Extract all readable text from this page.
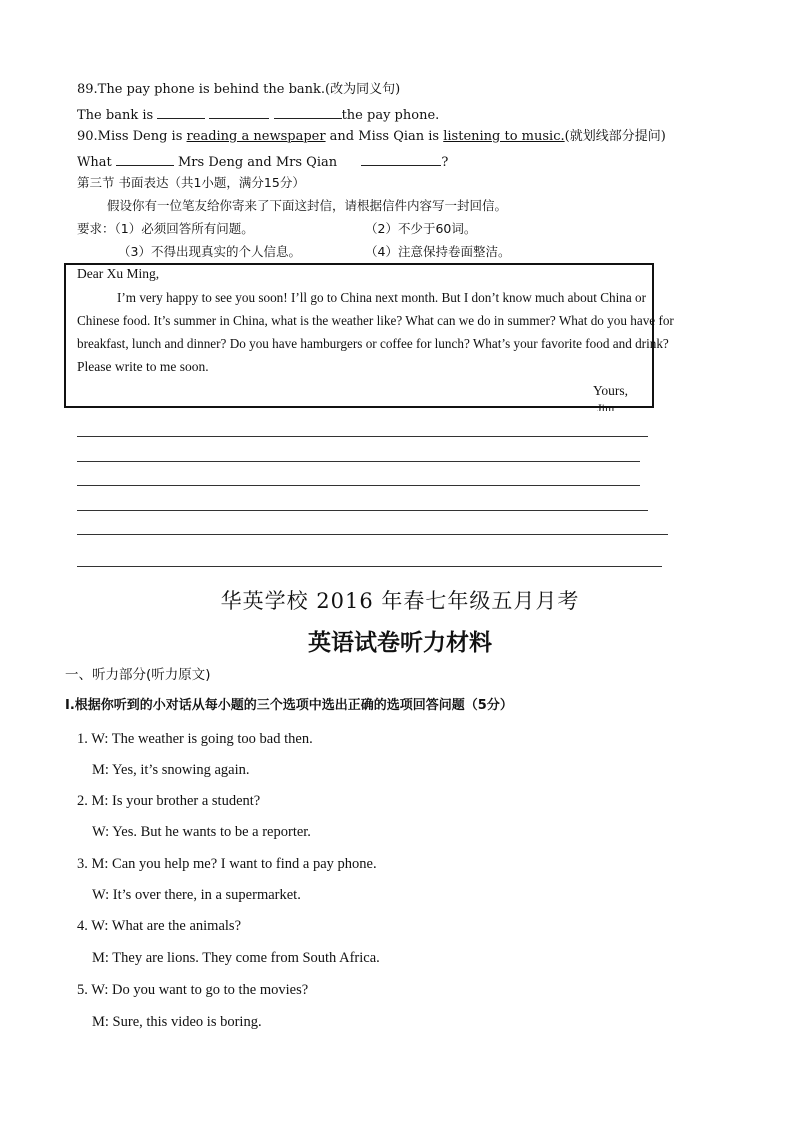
89.The pay phone is behind the bank.(改为同义句)
The bank is	the pay phone.
90.Miss Deng is reading a newspaper and Miss Qian is listening to music.(就划线部分提问)
What	Mrs Deng and Mrs Qian	?
第三节 书面表达（共1小题，满分15分）
假设你有一位笔友给你寄来了下面这封信，请根据信件内容写一封回信。
要求：（1）必须回答所有问题。	（2）不少于60词。
（3）不得出现真实的个人信息。	（4）注意保持卷面整洁。
Dear Xu Ming,
I’m very happy to see you soon! I’ll go to China next month. But I don’t know much about China or
Chinese food. It’s summer in China, what is the weather like? What can we do in summer? What do you have for
breakfast, lunch and dinner? Do you have hamburgers or coffee for lunch? What’s your favorite food and drink?
Please write to me soon.
Yours,
Jim
华英学校 2016 年春七年级五月月考
英语试卷听力材料
一、听力部分(听力原文)
Ⅰ.根据你听到的小对话从每小题的三个选项中选出正确的选项回答问题（5分）
1. W: The weather is going too bad then.
M: Yes, it’s snowing again.
2. M: Is your brother a student?
W: Yes. But he wants to be a reporter.
3. M: Can you help me? I want to find a pay phone.
W: It’s over there, in a supermarket.
4. W: What are the animals?
M: They are lions. They come from South Africa.
5. W: Do you want to go to the movies?
M: Sure, this video is boring.
